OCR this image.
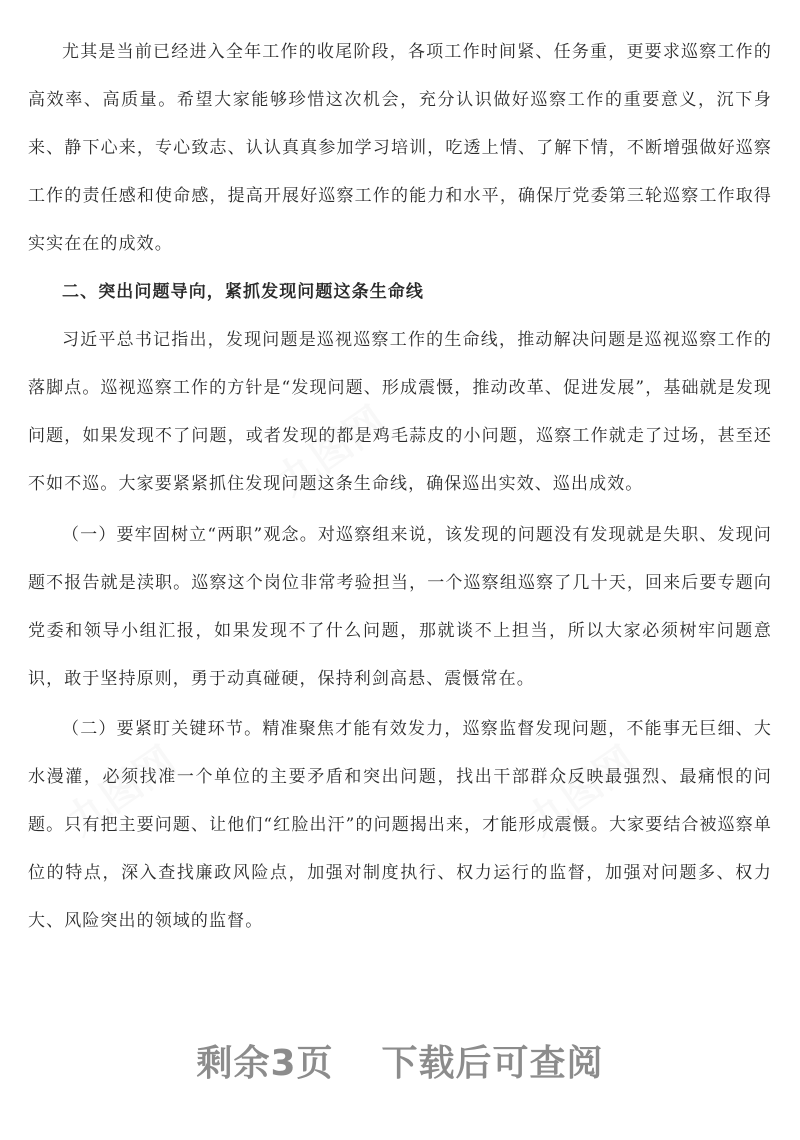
尤其是当前已经进入全年工作的收尾阶段，各项工作时间紧、任务重，更要求巡察工作的高效率、高质量。希望大家能够珍惜这次机会，充分认识做好巡察工作的重要意义，沉下身来、静下心来，专心致志、认认真真参加学习培训，吃透上情、了解下情，不断增强做好巡察工作的责任感和使命感，提高开展好巡察工作的能力和水平，确保厅党委第三轮巡察工作取得实实在在的成效。

二、突出问题导向，紧抓发现问题这条生命线

习近平总书记指出，发现问题是巡视巡察工作的生命线，推动解决问题是巡视巡察工作的落脚点。巡视巡察工作的方针是“发现问题、形成震慑，推动改革、促进发展”，基础就是发现问题，如果发现不了问题，或者发现的都是鸡毛蒜皮的小问题，巡察工作就走了过场，甚至还不如不巡。大家要紧紧抓住发现问题这条生命线，确保巡出实效、巡出成效。

（一）要牢固树立“两职”观念。对巡察组来说，该发现的问题没有发现就是失职、发现问题不报告就是渎职。巡察这个岗位非常考验担当，一个巡察组巡察了几十天，回来后要专题向党委和领导小组汇报，如果发现不了什么问题，那就谈不上担当，所以大家必须树牢问题意识，敢于坚持原则，勇于动真碰硬，保持利剑高悬、震慑常在。

（二）要紧盯关键环节。精准聚焦才能有效发力，巡察监督发现问题，不能事无巨细、大水漫灌，必须找准一个单位的主要矛盾和突出问题，找出干部群众反映最强烈、最痛恨的问题。只有把主要问题、让他们“红脸出汗”的问题揭出来，才能形成震慑。大家要结合被巡察单位的特点，深入查找廉政风险点，加强对制度执行、权力运行的监督，加强对问题多、权力大、风险突出的领域的监督。

九图网
九图网
九图网
剩余3页 下载后可查阅
